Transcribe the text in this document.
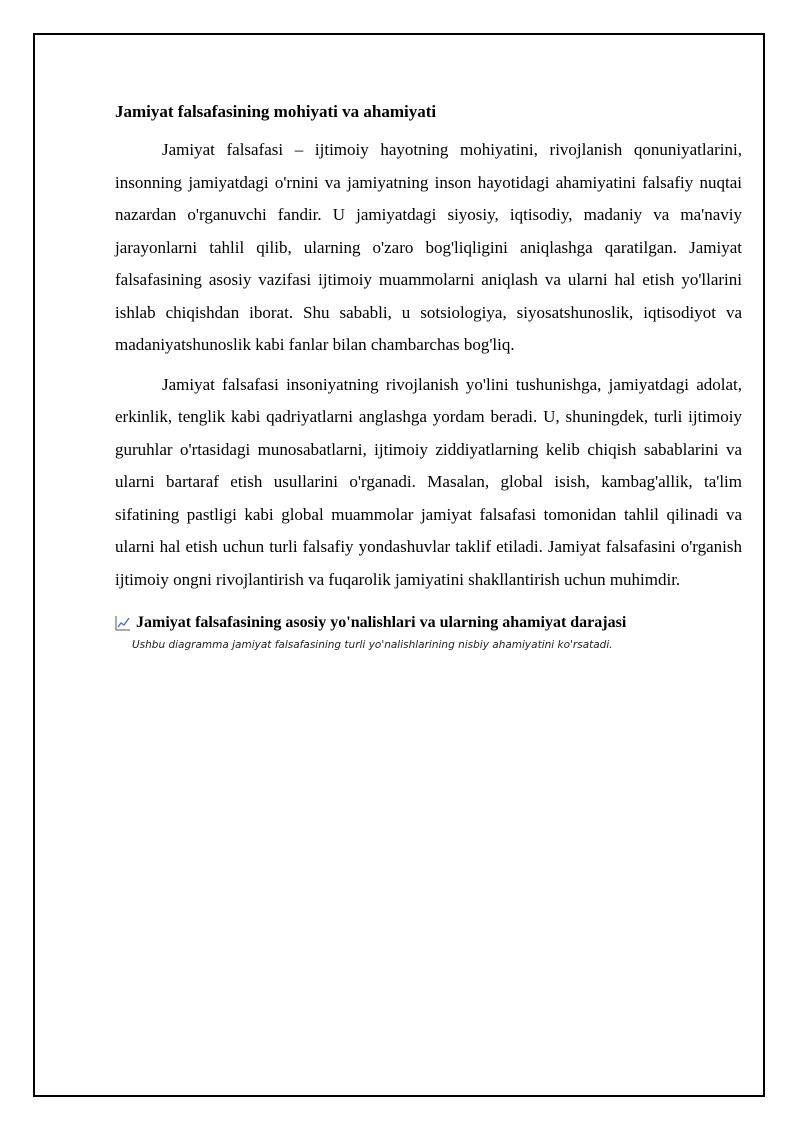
Jamiyat falsafasining mohiyati va ahamiyati

Jamiyat falsafasi – ijtimoiy hayotning mohiyatini, rivojlanish qonuniyatlarini, insonning jamiyatdagi o'rnini va jamiyatning inson hayotidagi ahamiyatini falsafiy nuqtai nazardan o'rganuvchi fandir. U jamiyatdagi siyosiy, iqtisodiy, madaniy va ma'naviy jarayonlarni tahlil qilib, ularning o'zaro bog'liqligini aniqlashga qaratilgan. Jamiyat falsafasining asosiy vazifasi ijtimoiy muammolarni aniqlash va ularni hal etish yo'llarini ishlab chiqishdan iborat. Shu sababli, u sotsiologiya, siyosatshunoslik, iqtisodiyot va madaniyatshunoslik kabi fanlar bilan chambarchas bog'liq.

Jamiyat falsafasi insoniyatning rivojlanish yo'lini tushunishga, jamiyatdagi adolat, erkinlik, tenglik kabi qadriyatlarni anglashga yordam beradi. U, shuningdek, turli ijtimoiy guruhlar o'rtasidagi munosabatlarni, ijtimoiy ziddiyatlarning kelib chiqish sabablarini va ularni bartaraf etish usullarini o'rganadi. Masalan, global isish, kambag'allik, ta'lim sifatining pastligi kabi global muammolar jamiyat falsafasi tomonidan tahlil qilinadi va ularni hal etish uchun turli falsafiy yondashuvlar taklif etiladi. Jamiyat falsafasini o'rganish ijtimoiy ongni rivojlantirish va fuqarolik jamiyatini shakllantirish uchun muhimdir.

Jamiyat falsafasining asosiy yo'nalishlari va ularning ahamiyat darajasi
Ushbu diagramma jamiyat falsafasining turli yo'nalishlarining nisbiy ahamiyatini ko'rsatadi.
